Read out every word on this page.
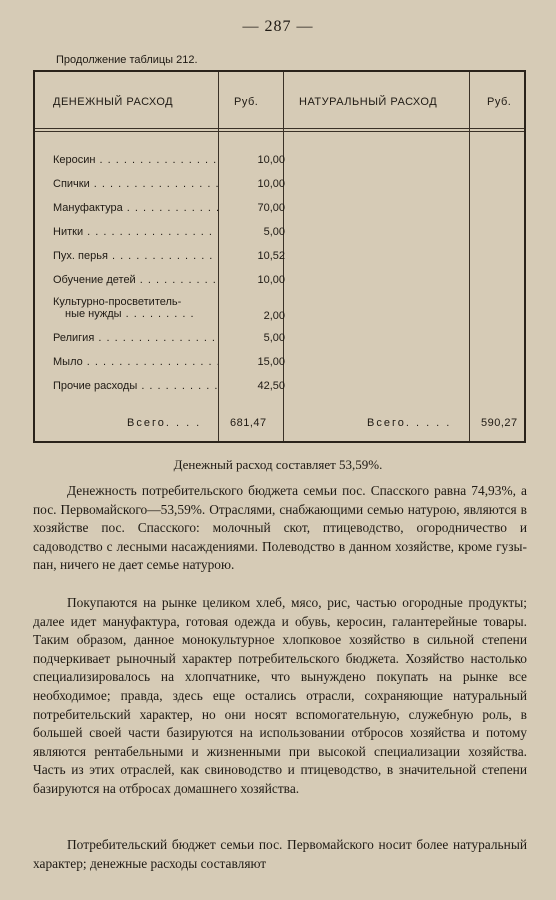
— 287 —
Продолжение таблицы 212.
ДЕНЕЖНЫЙ РАСХОД	Руб.	НАТУРАЛЬНЫЙ РАСХОД	Руб.
Керосин . . .	10,00
Спички . . .	10,00
Мануфактура . . .	70,00
Нитки . . .	5,00
Пух. перья . . .	10,52
Обучение детей . . .	10,00
Культурно-просветитель-
ные нужды . . .	2,00
Религия . . .	5,00
Мыло . . .	15,00
Прочие расходы . . .	42,50
Всего. . . .	681,47	Всего. . . . .	590,27
Денежный расход составляет 53,59%.

Денежность потребительского бюджета семьи пос. Спасского равна 74,93%, а пос. Первомайского—53,59%. Отраслями, снабжающими семью натурою, являются в хозяйстве пос. Спасского: молочный скот, птицеводство, огородничество и садоводство с лесными насаждениями. Полеводство в данном хозяйстве, кроме гузы-пан, ничего не дает семье натурою.

Покупаются на рынке целиком хлеб, мясо, рис, частью огородные продукты; далее идет мануфактура, готовая одежда и обувь, керосин, галантерейные товары. Таким образом, данное монокультурное хлопковое хозяйство в сильной степени подчеркивает рыночный характер потребительского бюджета. Хозяйство настолько специализировалось на хлопчатнике, что вынуждено покупать на рынке все необходимое; правда, здесь еще остались отрасли, сохраняющие натуральный потребительский характер, но они носят вспомогательную, служебную роль, в большей своей части базируются на использовании отбросов хозяйства и потому являются рентабельными и жизненными при высокой специализации хозяйства. Часть из этих отраслей, как свиноводство и птицеводство, в значительной степени базируются на отбросах домашнего хозяйства.

Потребительский бюджет семьи пос. Первомайского носит более натуральный характер; денежные расходы составляют
